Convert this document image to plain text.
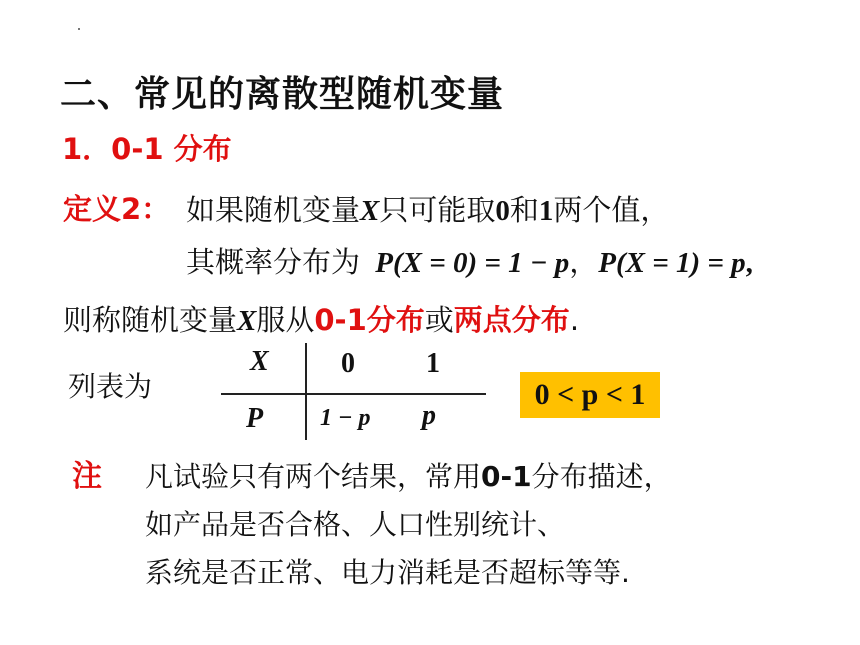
二、常见的离散型随机变量
1．0-1 分布
定义2： 如果随机变量X只可能取0和1两个值，
其概率分布为 P(X = 0) = 1 − p，P(X = 1) = p,
则称随机变量X服从0-1分布或两点分布.
列表为
X	0	1
P 1 − p p
0 < p < 1
注 凡试验只有两个结果，常用0-1分布描述，
如产品是否合格、人口性别统计、
系统是否正常、电力消耗是否超标等等.
